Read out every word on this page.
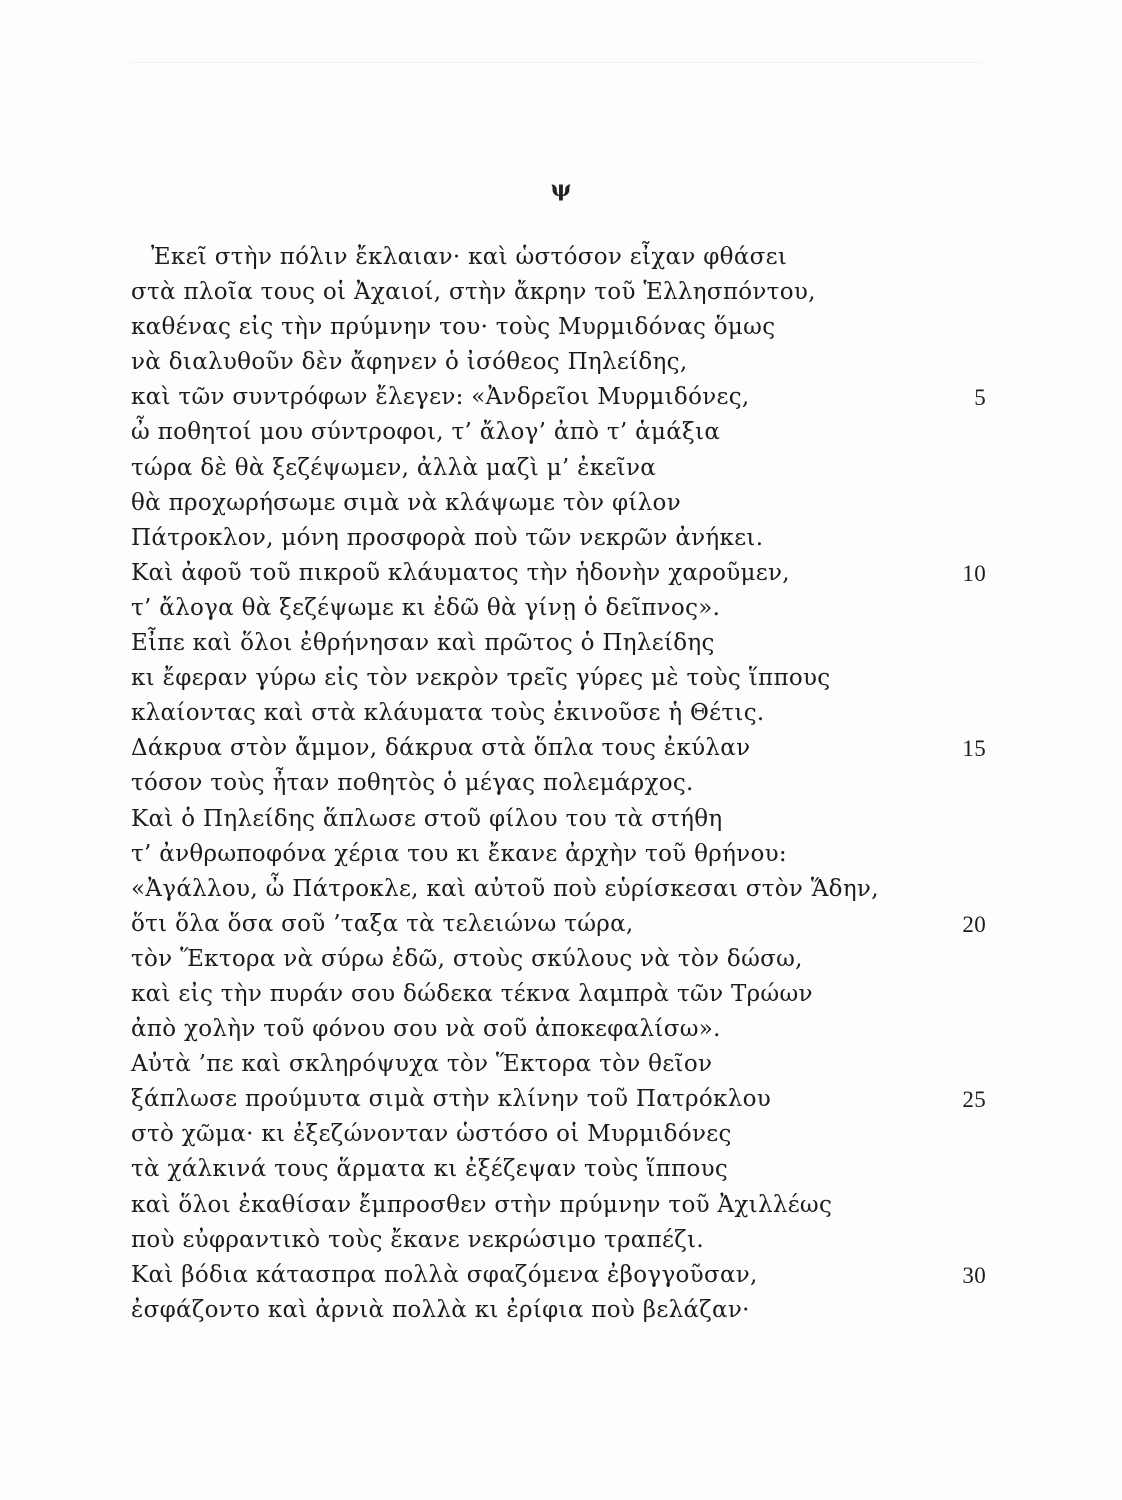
ψ
Ἐκεῖ στὴν πόλιν ἔκλαιαν· καὶ ὡστόσον εἶχαν φθάσει
στὰ πλοῖα τους οἱ Ἀχαιοί, στὴν ἄκρην τοῦ Ἑλλησπόντου,
καθένας εἰς τὴν πρύμνην του· τοὺς Μυρμιδόνας ὅμως
νὰ διαλυθοῦν δὲν ἄφηνεν ὁ ἰσόθεος Πηλείδης,
καὶ τῶν συντρόφων ἔλεγεν: «Ἀνδρεῖοι Μυρμιδόνες,	5
ὦ ποθητοί μου σύντροφοι, τ’ ἄλογ’ ἀπὸ τ’ ἁμάξια
τώρα δὲ θὰ ξεζέψωμεν, ἀλλὰ μαζὶ μ’ ἐκεῖνα
θὰ προχωρήσωμε σιμὰ νὰ κλάψωμε τὸν φίλον
Πάτροκλον, μόνη προσφορὰ ποὺ τῶν νεκρῶν ἀνήκει.
Καὶ ἀφοῦ τοῦ πικροῦ κλάυματος τὴν ἡδονὴν χαροῦμεν,	10
τ’ ἄλογα θὰ ξεζέψωμε κι ἐδῶ θὰ γίνῃ ὁ δεῖπνος».
Εἶπε καὶ ὅλοι ἐθρήνησαν καὶ πρῶτος ὁ Πηλείδης
κι ἔφεραν γύρω εἰς τὸν νεκρὸν τρεῖς γύρες μὲ τοὺς ἵππους
κλαίοντας καὶ στὰ κλάυματα τοὺς ἐκινοῦσε ἡ Θέτις.
Δάκρυα στὸν ἄμμον, δάκρυα στὰ ὅπλα τους ἐκύλαν	15
τόσον τοὺς ἦταν ποθητὸς ὁ μέγας πολεμάρχος.
Καὶ ὁ Πηλείδης ἅπλωσε στοῦ φίλου του τὰ στήθη
τ’ ἀνθρωποφόνα χέρια του κι ἔκανε ἀρχὴν τοῦ θρήνου:
«Ἀγάλλου, ὦ Πάτροκλε, καὶ αὐτοῦ ποὺ εὑρίσκεσαι στὸν Ἅδην,
ὅτι ὅλα ὅσα σοῦ ’ταξα τὰ τελειώνω τώρα,	20
τὸν Ἕκτορα νὰ σύρω ἐδῶ, στοὺς σκύλους νὰ τὸν δώσω,
καὶ εἰς τὴν πυράν σου δώδεκα τέκνα λαμπρὰ τῶν Τρώων
ἀπὸ χολὴν τοῦ φόνου σου νὰ σοῦ ἀποκεφαλίσω».
Αὐτὰ ’πε καὶ σκληρόψυχα τὸν Ἕκτορα τὸν θεῖον
ξάπλωσε προύμυτα σιμὰ στὴν κλίνην τοῦ Πατρόκλου	25
στὸ χῶμα· κι ἐξεζώνονταν ὡστόσο οἱ Μυρμιδόνες
τὰ χάλκινά τους ἅρματα κι ἐξέζεψαν τοὺς ἵππους
καὶ ὅλοι ἐκαθίσαν ἔμπροσθεν στὴν πρύμνην τοῦ Ἀχιλλέως
ποὺ εὐφραντικὸ τοὺς ἔκανε νεκρώσιμο τραπέζι.
Καὶ βόδια κάτασπρα πολλὰ σφαζόμενα ἐβογγοῦσαν,	30
ἐσφάζοντο καὶ ἀρνιὰ πολλὰ κι ἐρίφια ποὺ βελάζαν·
